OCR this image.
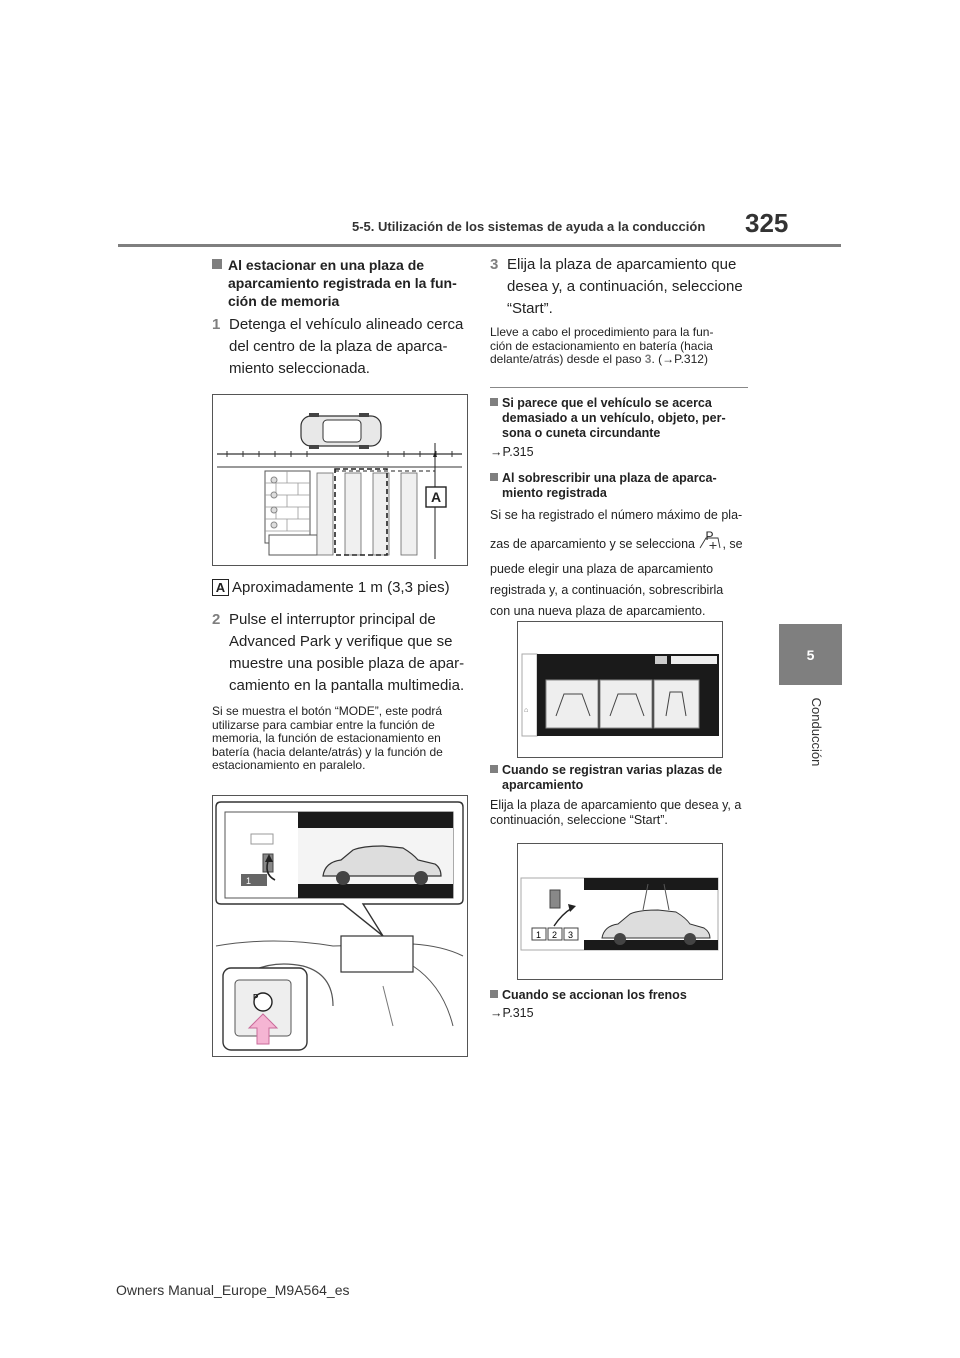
5-5. Utilización de los sistemas de ayuda a la conducción 325
5
Conducción
Al estacionar en una plaza de
aparcamiento registrada en la fun-
ción de memoria
1 Detenga el vehículo alineado cerca
del centro de la plaza de aparca-
miento seleccionada.
A
A Aproximadamente 1 m (3,3 pies)
2 Pulse el interruptor principal de
Advanced Park y verifique que se
muestre una posible plaza de apar-
camiento en la pantalla multimedia.
Si se muestra el botón “MODE”, este podrá
utilizarse para cambiar entre la función de
memoria, la función de estacionamiento en
batería (hacia delante/atrás) y la función de
estacionamiento en paralelo.
1
P
3 Elija la plaza de aparcamiento que
desea y, a continuación, seleccione
“Start”.
Lleve a cabo el procedimiento para la fun-
ción de estacionamiento en batería (hacia
delante/atrás) desde el paso 3. (→P.312)
Si parece que el vehículo se acerca
demasiado a un vehículo, objeto, per-
sona o cuneta circundante
→P.315
Al sobrescribir una plaza de aparca-
miento registrada
Si se ha registrado el número máximo de pla-
zas de aparcamiento y se selecciona
P
, se
puede elegir una plaza de aparcamiento
registrada y, a continuación, sobrescribirla
con una nueva plaza de aparcamiento.
⌂
Cuando se registran varias plazas de
aparcamiento
Elija la plaza de aparcamiento que desea y, a
continuación, seleccione “Start”.
1 2 3
Cuando se accionan los frenos
→P.315
Owners Manual_Europe_M9A564_es
